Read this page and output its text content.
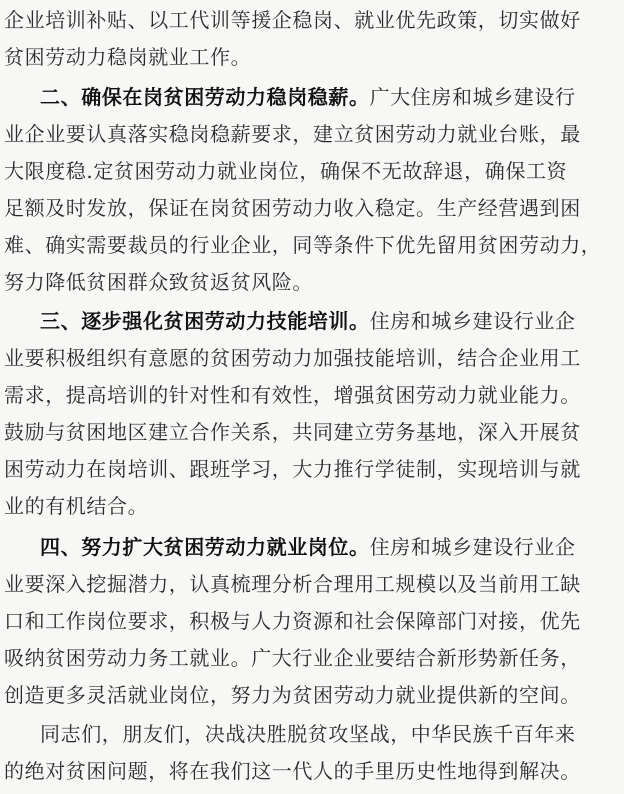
企业培训补贴、以工代训等援企稳岗、就业优先政策，切实做好
贫困劳动力稳岗就业工作。
二、确保在岗贫困劳动力稳岗稳薪。广大住房和城乡建设行
业企业要认真落实稳岗稳薪要求，建立贫困劳动力就业台账，最
大限度稳.定贫困劳动力就业岗位，确保不无故辞退，确保工资
足额及时发放，保证在岗贫困劳动力收入稳定。生产经营遇到困
难、确实需要裁员的行业企业，同等条件下优先留用贫困劳动力，
努力降低贫困群众致贫返贫风险。
三、逐步强化贫困劳动力技能培训。住房和城乡建设行业企
业要积极组织有意愿的贫困劳动力加强技能培训，结合企业用工
需求，提高培训的针对性和有效性，增强贫困劳动力就业能力。
鼓励与贫困地区建立合作关系，共同建立劳务基地，深入开展贫
困劳动力在岗培训、跟班学习，大力推行学徒制，实现培训与就
业的有机结合。
四、努力扩大贫困劳动力就业岗位。住房和城乡建设行业企
业要深入挖掘潜力，认真梳理分析合理用工规模以及当前用工缺
口和工作岗位要求，积极与人力资源和社会保障部门对接，优先
吸纳贫困劳动力务工就业。广大行业企业要结合新形势新任务，
创造更多灵活就业岗位，努力为贫困劳动力就业提供新的空间。
同志们，朋友们，决战决胜脱贫攻坚战，中华民族千百年来
的绝对贫困问题，将在我们这一代人的手里历史性地得到解决。
